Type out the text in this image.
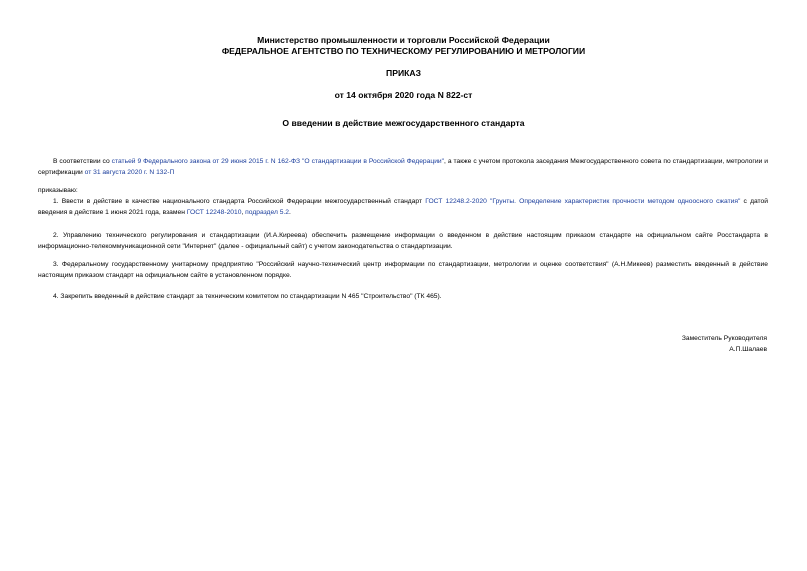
Министерство промышленности и торговли Российской Федерации
ФЕДЕРАЛЬНОЕ АГЕНТСТВО ПО ТЕХНИЧЕСКОМУ РЕГУЛИРОВАНИЮ И МЕТРОЛОГИИ
ПРИКАЗ
от 14 октября 2020 года N 822-ст
О введении в действие межгосударственного стандарта
В соответствии со статьей 9 Федерального закона от 29 июня 2015 г. N 162-ФЗ "О стандартизации в Российской Федерации", а также с учетом протокола заседания Межгосударственного совета по стандартизации, метрологии и сертификации от 31 августа 2020 г. N 132-П
приказываю:
1. Ввести в действие в качестве национального стандарта Российской Федерации межгосударственный стандарт ГОСТ 12248.2-2020 "Грунты. Определение характеристик прочности методом одноосного сжатия" с датой введения в действие 1 июня 2021 года, взамен ГОСТ 12248-2010, подраздел 5.2.
2. Управлению технического регулирования и стандартизации (И.А.Киреева) обеспечить размещение информации о введенном в действие настоящим приказом стандарте на официальном сайте Росстандарта в информационно-телекоммуникационной сети "Интернет" (далее - официальный сайт) с учетом законодательства о стандартизации.
3. Федеральному государственному унитарному предприятию "Российский научно-технический центр информации по стандартизации, метрологии и оценке соответствия" (А.Н.Микеев) разместить введенный в действие настоящим приказом стандарт на официальном сайте в установленном порядке.
4. Закрепить введенный в действие стандарт за техническим комитетом по стандартизации N 465 "Строительство" (ТК 465).
Заместитель Руководителя
А.П.Шалаев
